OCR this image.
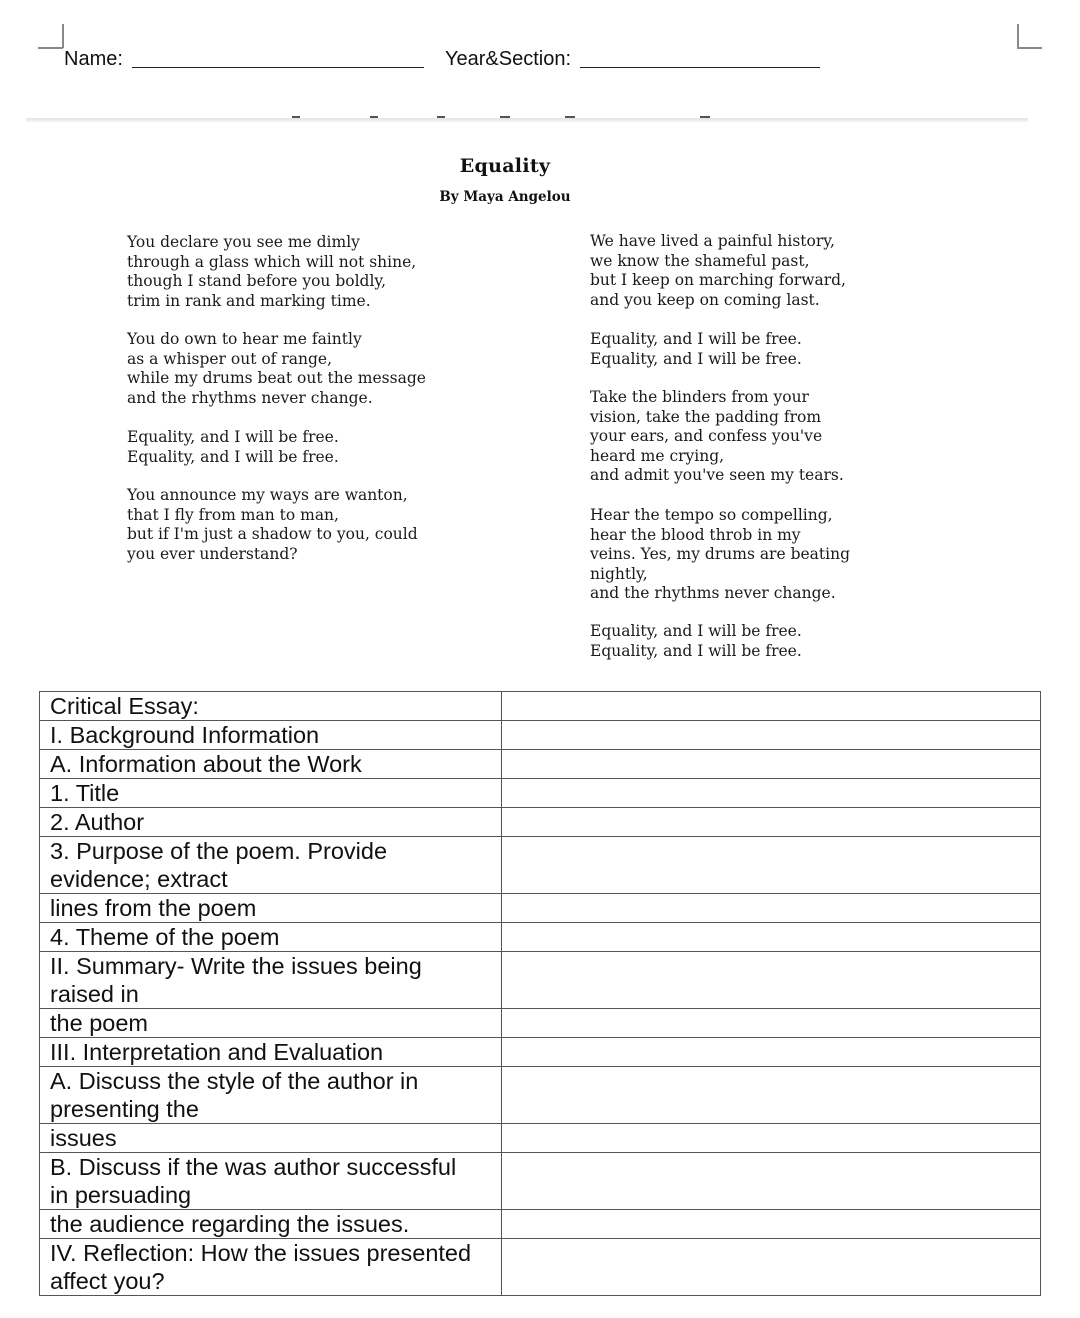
Name:	Year&Section:
Equality
By Maya Angelou
You declare you see me dimly
through a glass which will not shine,
though I stand before you boldly,
trim in rank and marking time.
You do own to hear me faintly
as a whisper out of range,
while my drums beat out the message
and the rhythms never change.
Equality, and I will be free.
Equality, and I will be free.
You announce my ways are wanton,
that I fly from man to man,
but if I'm just a shadow to you, could
you ever understand?
We have lived a painful history,
we know the shameful past,
but I keep on marching forward,
and you keep on coming last.
Equality, and I will be free.
Equality, and I will be free.
Take the blinders from your
vision, take the padding from
your ears, and confess you've
heard me crying,
and admit you've seen my tears.
Hear the tempo so compelling,
hear the blood throb in my
veins. Yes, my drums are beating
nightly,
and the rhythms never change.
Equality, and I will be free.
Equality, and I will be free.
Critical Essay:	

I. Background Information	

A. Information about the Work	

1. Title	

2. Author	

3. Purpose of the poem. Provide
evidence; extract	

lines from the poem	

4. Theme of the poem	

II. Summary- Write the issues being
raised in	

the poem	

III. Interpretation and Evaluation	

A. Discuss the style of the author in
presenting the	

issues	

B. Discuss if the was author successful
in persuading	

the audience regarding the issues.	

IV. Reflection: How the issues presented
affect you?	
